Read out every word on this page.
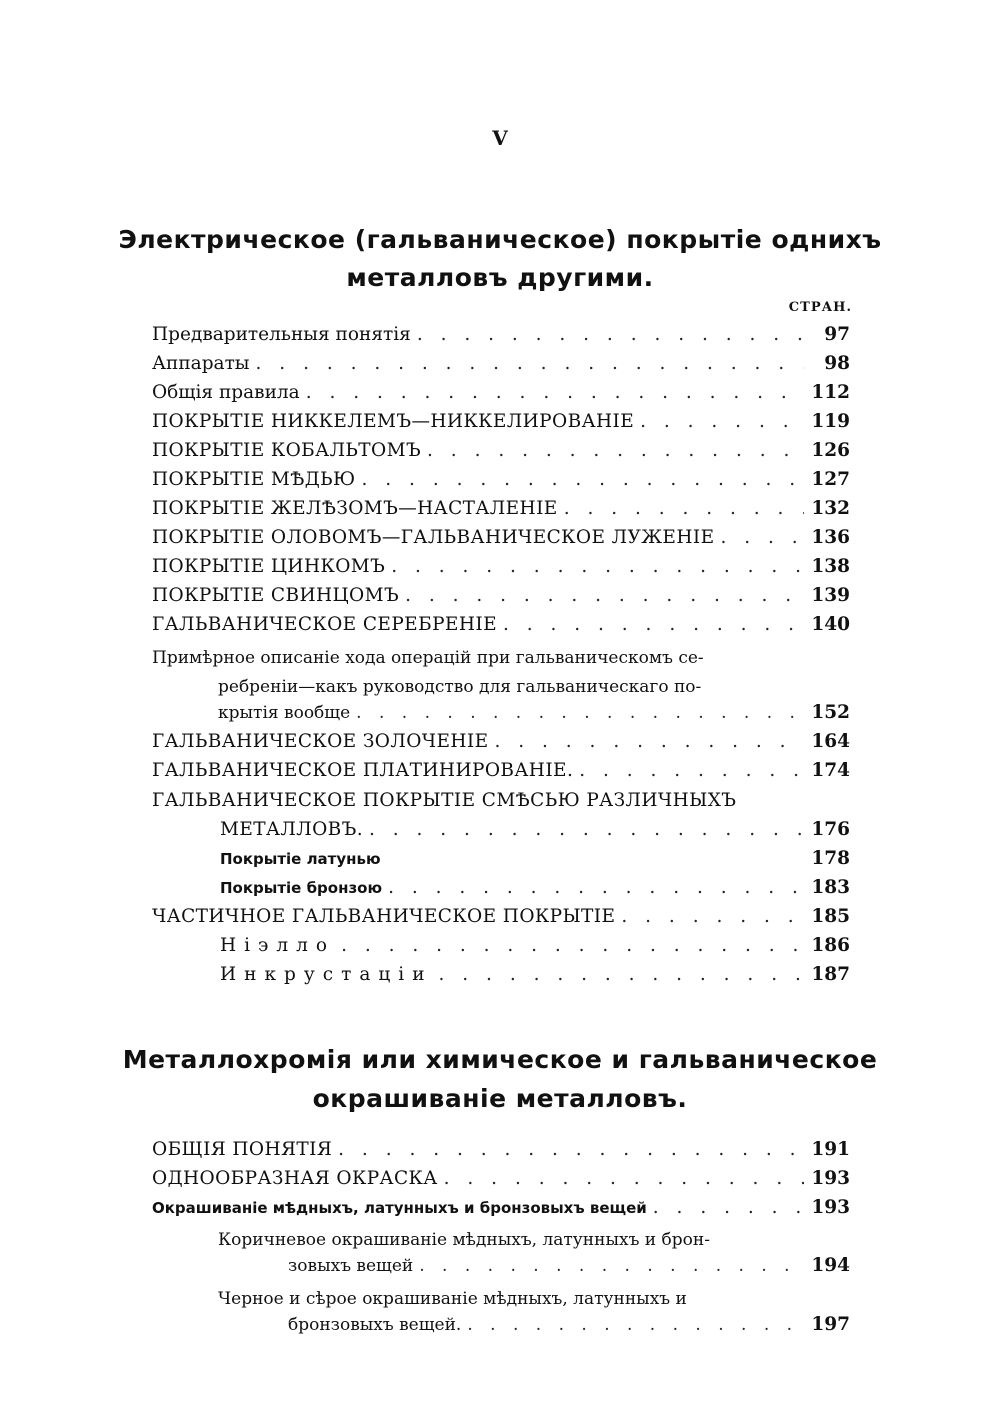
V
Электрическое (гальваническое) покрытіе однихъ
металловъ другими.
СТРАН.
Предварительныя понятія . . .	97
Аппараты . . .	98
Общія правила . . .	112
ПОКРЫТІЕ НИККЕЛЕМЪ—НИККЕЛИРОВАНІЕ . . .	119
ПОКРЫТІЕ КОБАЛЬТОМЪ . . .	126
ПОКРЫТІЕ МѢДЬЮ . . .	127
ПОКРЫТІЕ ЖЕЛѢЗОМЪ—НАСТАЛЕНІЕ . . .	132
ПОКРЫТІЕ ОЛОВОМЪ—ГАЛЬВАНИЧЕСКОЕ ЛУЖЕНІЕ . . .	136
ПОКРЫТІЕ ЦИНКОМЪ . . .	138
ПОКРЫТІЕ СВИНЦОМЪ . . .	139
ГАЛЬВАНИЧЕСКОЕ СЕРЕБРЕНІЕ . . .	140
Примѣрное описаніе хода операцій при гальваническомъ се-
ребреніи—какъ руководство для гальваническаго по-
крытія вообще . . .	152
ГАЛЬВАНИЧЕСКОЕ ЗОЛОЧЕНІЕ . . .	164
ГАЛЬВАНИЧЕСКОЕ ПЛАТИНИРОВАНІЕ. . . .	174
ГАЛЬВАНИЧЕСКОЕ ПОКРЫТІЕ СМѢСЬЮ РАЗЛИЧНЫХЪ
МЕТАЛЛОВЪ. . . .	176
Покрытіе латунью	178
Покрытіе бронзою . . .	183
ЧАСТИЧНОЕ ГАЛЬВАНИЧЕСКОЕ ПОКРЫТІЕ . . .	185
Ніэлло . . .	186
Инкрустаціи . . .	187
Металлохромія или химическое и гальваническое
окрашиваніе металловъ.
ОБЩІЯ ПОНЯТІЯ . . .	191
ОДНООБРАЗНАЯ ОКРАСКА . . .	193
Окрашиваніе мѣдныхъ, латунныхъ и бронзовыхъ вещей . . .	193
Коричневое окрашиваніе мѣдныхъ, латунныхъ и брон-
зовыхъ вещей . . .	194
Черное и сѣрое окрашиваніе мѣдныхъ, латунныхъ и
бронзовыхъ вещей. . . .	197
